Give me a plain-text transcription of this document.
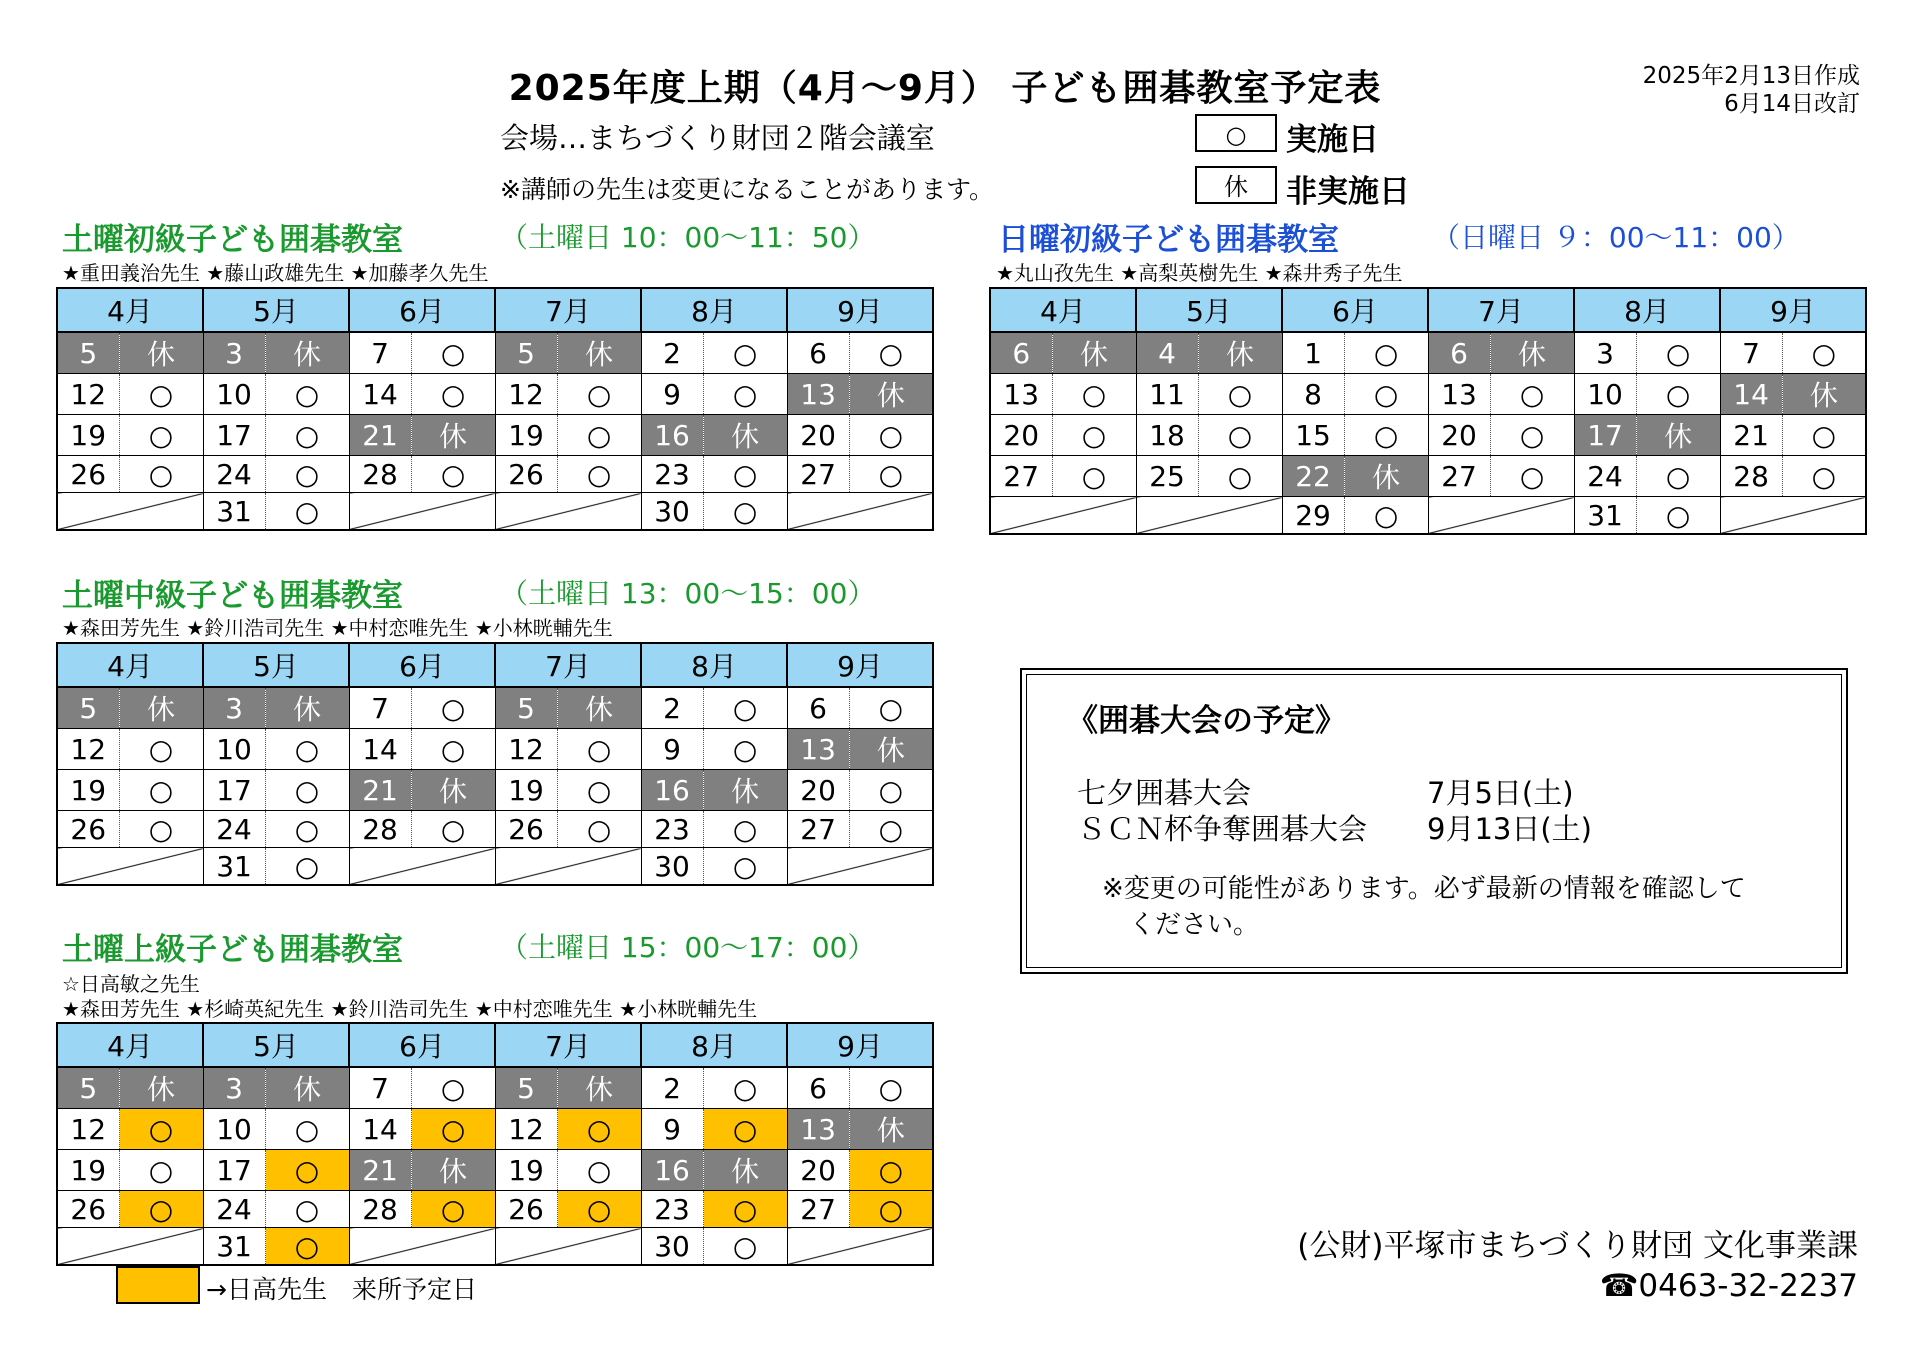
2025年度上期（4月～9月） 子ども囲碁教室予定表	2025年2月13日作成
6月14日改訂
会場…まちづくり財団２階会議室
※講師の先生は変更になることがあります。
○	実施日
休	非実施日
土曜初級子ども囲碁教室	（土曜日 10：00～11：50）
★重田義治先生 ★藤山政雄先生 ★加藤孝久先生
4月		5月		6月		7月		8月		9月	
5	休	3	休	7	○	5	休	2	○	6	○
12	○	10	○	14	○	12	○	9	○	13	休
19	○	17	○	21	休	19	○	16	休	20	○
26	○	24	○	28	○	26	○	23	○	27	○
		31	○					30	○		
日曜初級子ども囲碁教室	（日曜日 ９：00～11：00）
★丸山孜先生 ★高梨英樹先生 ★森井秀子先生
4月		5月		6月		7月		8月		9月	
6	休	4	休	1	○	6	休	3	○	7	○
13	○	11	○	8	○	13	○	10	○	14	休
20	○	18	○	15	○	20	○	17	休	21	○
27	○	25	○	22	休	27	○	24	○	28	○
				29	○			31	○		
土曜中級子ども囲碁教室	（土曜日 13：00～15：00）
★森田芳先生 ★鈴川浩司先生 ★中村恋唯先生 ★小林晄輔先生
4月		5月		6月		7月		8月		9月	
5	休	3	休	7	○	5	休	2	○	6	○
12	○	10	○	14	○	12	○	9	○	13	休
19	○	17	○	21	休	19	○	16	休	20	○
26	○	24	○	28	○	26	○	23	○	27	○
		31	○					30	○		
土曜上級子ども囲碁教室	（土曜日 15：00～17：00）
☆日高敏之先生
★森田芳先生 ★杉崎英紀先生 ★鈴川浩司先生 ★中村恋唯先生 ★小林晄輔先生
4月		5月		6月		7月		8月		9月	
5	休	3	休	7	○	5	休	2	○	6	○
12	○	10	○	14	○	12	○	9	○	13	休
19	○	17	○	21	休	19	○	16	休	20	○
26	○	24	○	28	○	26	○	23	○	27	○
		31	○					30	○		
→日高先生　来所予定日
《囲碁大会の予定》
七夕囲碁大会	7月5日(土)
ＳＣＮ杯争奪囲碁大会 9月13日(土)
※変更の可能性があります。必ず最新の情報を確認して
ください。
(公財)平塚市まちづくり財団 文化事業課
☎0463-32-2237
